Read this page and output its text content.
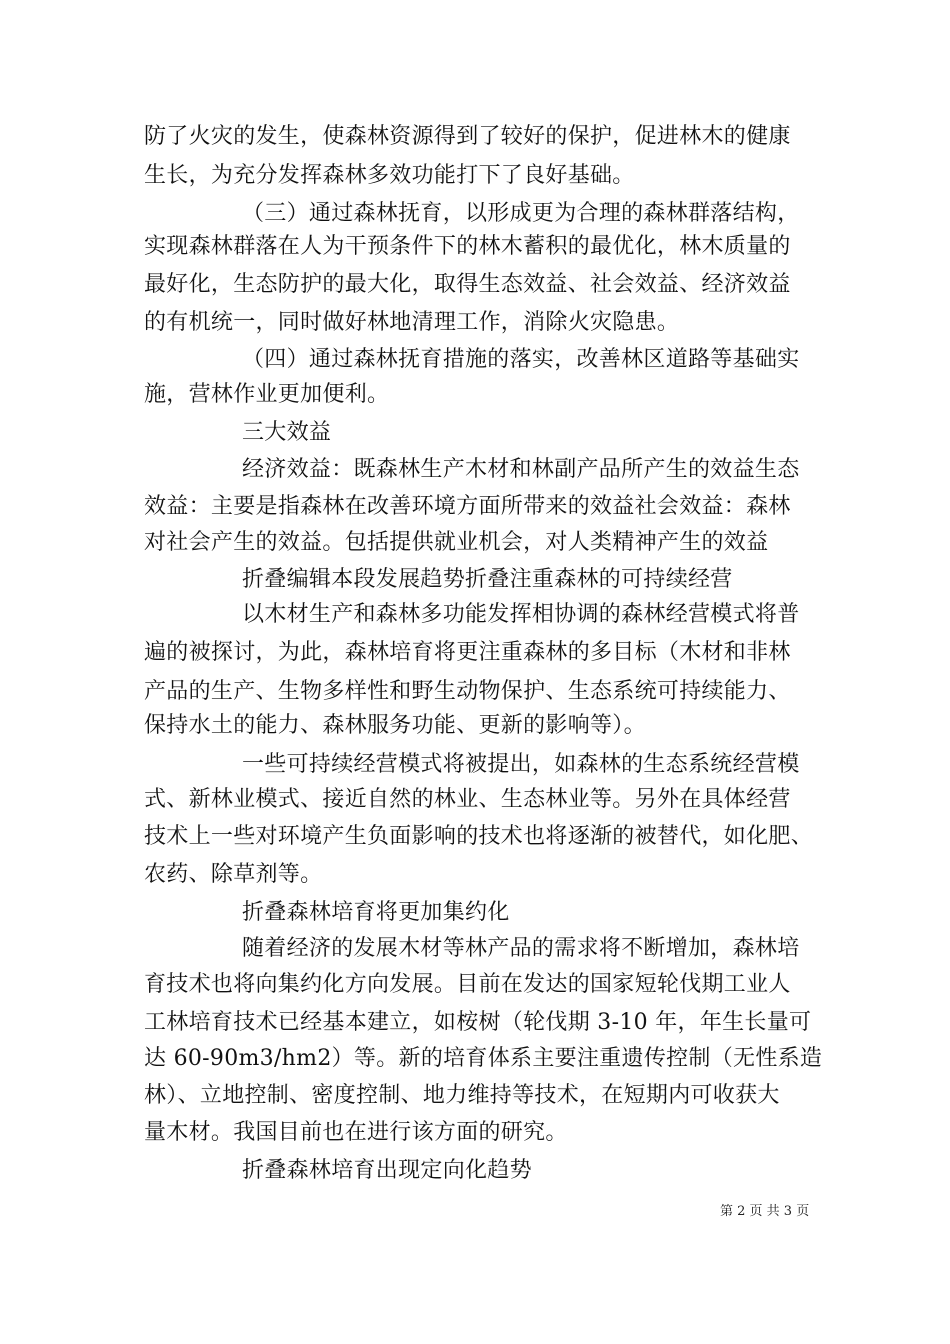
防了火灾的发生，使森林资源得到了较好的保护，促进林木的健康
生长，为充分发挥森林多效功能打下了良好基础。
（三）通过森林抚育，以形成更为合理的森林群落结构，
实现森林群落在人为干预条件下的林木蓄积的最优化，林木质量的
最好化，生态防护的最大化，取得生态效益、社会效益、经济效益
的有机统一，同时做好林地清理工作，消除火灾隐患。
（四）通过森林抚育措施的落实，改善林区道路等基础实
施，营林作业更加便利。
三大效益
经济效益：既森林生产木材和林副产品所产生的效益生态
效益：主要是指森林在改善环境方面所带来的效益社会效益：森林
对社会产生的效益。包括提供就业机会，对人类精神产生的效益
折叠编辑本段发展趋势折叠注重森林的可持续经营
以木材生产和森林多功能发挥相协调的森林经营模式将普
遍的被探讨，为此，森林培育将更注重森林的多目标（木材和非林
产品的生产、生物多样性和野生动物保护、生态系统可持续能力、
保持水土的能力、森林服务功能、更新的影响等）。
一些可持续经营模式将被提出，如森林的生态系统经营模
式、新林业模式、接近自然的林业、生态林业等。另外在具体经营
技术上一些对环境产生负面影响的技术也将逐渐的被替代，如化肥、
农药、除草剂等。
折叠森林培育将更加集约化
随着经济的发展木材等林产品的需求将不断增加，森林培
育技术也将向集约化方向发展。目前在发达的国家短轮伐期工业人
工林培育技术已经基本建立，如桉树（轮伐期 3-10 年，年生长量可
达 60-90m3/hm2）等。新的培育体系主要注重遗传控制（无性系造
林）、立地控制、密度控制、地力维持等技术，在短期内可收获大
量木材。我国目前也在进行该方面的研究。
折叠森林培育出现定向化趋势
第 2 页 共 3 页
